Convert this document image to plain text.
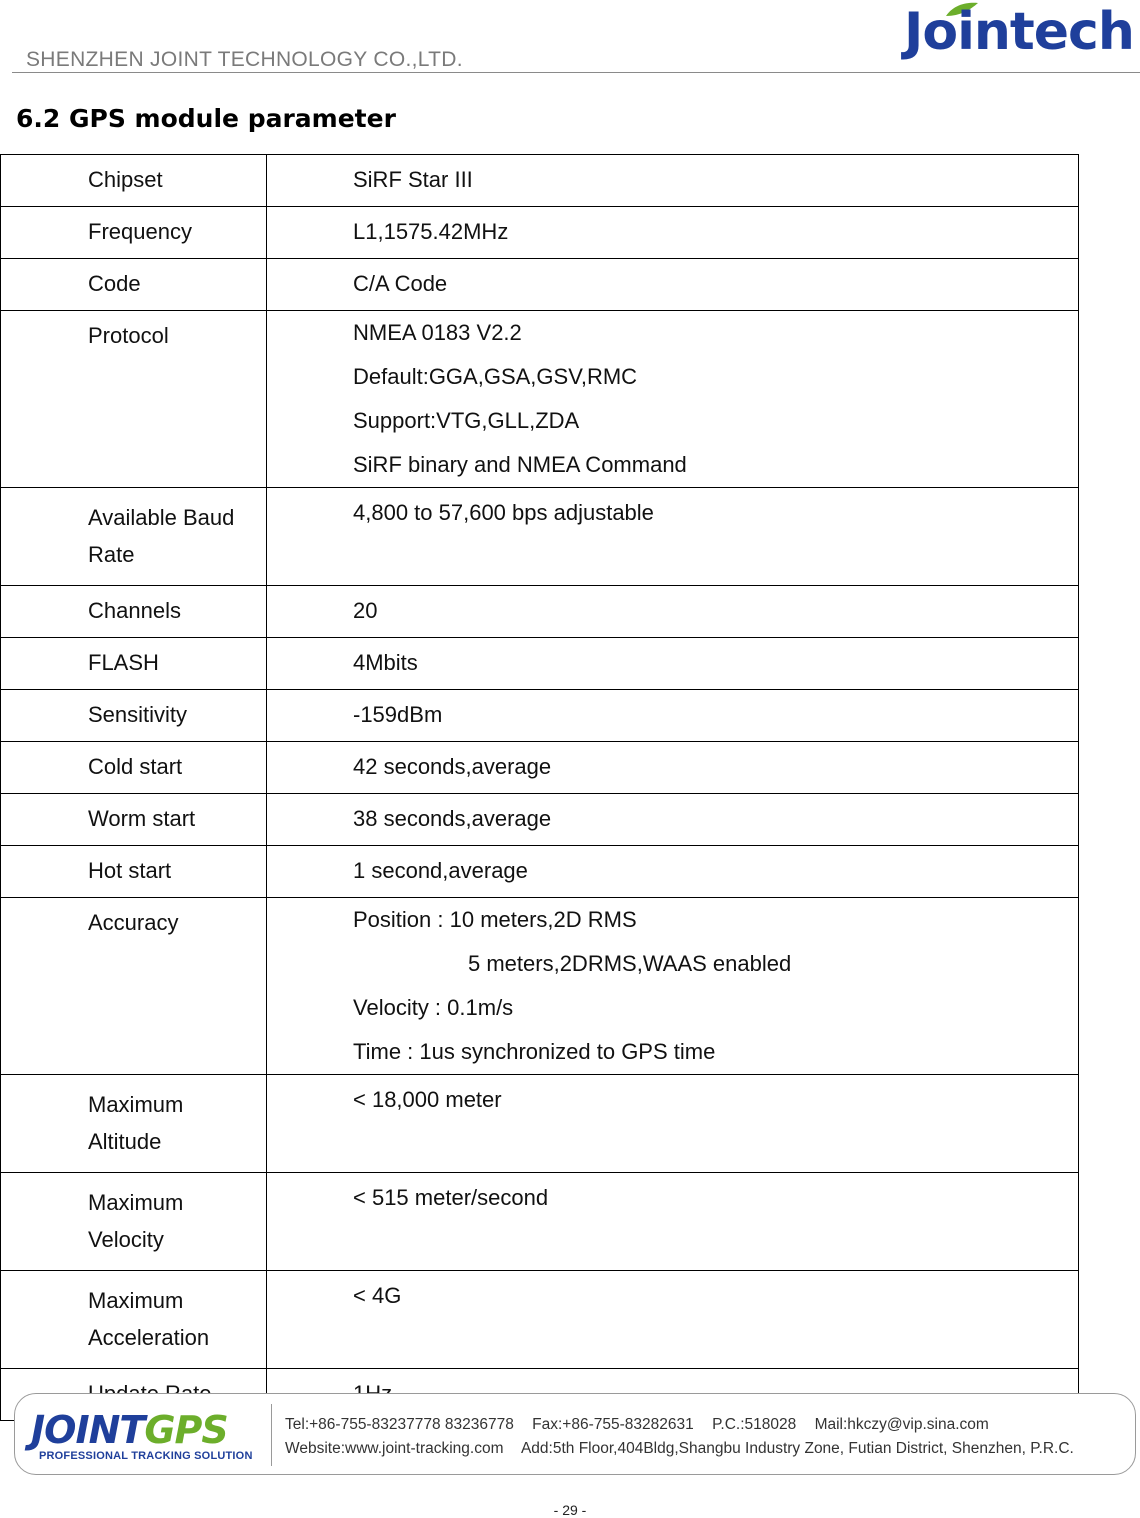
SHENZHEN JOINT TECHNOLOGY CO.,LTD.	Jointech
6.2 GPS module parameter
Chipset	SiRF Star III

Frequency	L1,1575.42MHz

Code	C/A Code

Protocol	NMEA 0183 V2.2
Default:GGA,GSA,GSV,RMC
Support:VTG,GLL,ZDA
SiRF binary and NMEA Command

Available Baud
Rate	4,800 to 57,600 bps adjustable

Channels	20

FLASH	4Mbits

Sensitivity	-159dBm

Cold start	42 seconds,average

Worm start	38 seconds,average

Hot start	1 second,average

Accuracy	Position : 10 meters,2D RMS
5 meters,2DRMS,WAAS enabled
Velocity : 0.1m/s
Time : 1us synchronized to GPS time

Maximum
Altitude	< 18,000 meter

Maximum
Velocity	< 515 meter/second

Maximum
Acceleration	< 4G

JOINTGPS
PROFESSIONAL TRACKING SOLUTION
Tel:+86-755-83237778 83236778 Fax:+86-755-83282631 P.C.:518028 Mail:hkczy@vip.sina.com
Website:www.joint-tracking.com Add:5th Floor,404Bldg,Shangbu Industry Zone, Futian District, Shenzhen, P.R.C.
- 29 -
